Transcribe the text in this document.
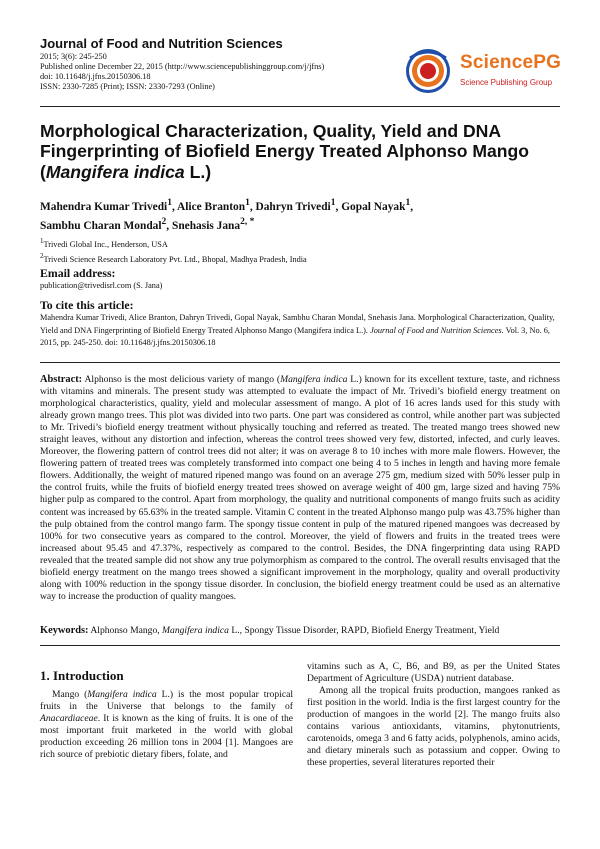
Journal of Food and Nutrition Sciences
2015; 3(6): 245-250
Published online December 22, 2015 (http://www.sciencepublishinggroup.com/j/jfns)
doi: 10.11648/j.jfns.20150306.18
ISSN: 2330-7285 (Print); ISSN: 2330-7293 (Online)
SciencePG
Science Publishing Group
Morphological Characterization, Quality, Yield and DNA Fingerprinting of Biofield Energy Treated Alphonso Mango (Mangifera indica L.)
Mahendra Kumar Trivedi$^1$, Alice Branton$^1$, Dahryn Trivedi$^1$, Gopal Nayak$^1$,
Sambhu Charan Mondal$^2$, Snehasis Jana$^{2, *}$
$^1$Trivedi Global Inc., Henderson, USA
$^2$Trivedi Science Research Laboratory Pvt. Ltd., Bhopal, Madhya Pradesh, India
Email address:
publication@trivedisrl.com (S. Jana)
To cite this article:
Mahendra Kumar Trivedi, Alice Branton, Dahryn Trivedi, Gopal Nayak, Sambhu Charan Mondal, Snehasis Jana. Morphological Characterization, Quality, Yield and DNA Fingerprinting of Biofield Energy Treated Alphonso Mango (Mangifera indica L.). Journal of Food and Nutrition Sciences. Vol. 3, No. 6, 2015, pp. 245-250. doi: 10.11648/j.jfns.20150306.18
Abstract: Alphonso is the most delicious variety of mango (Mangifera indica L.) known for its excellent texture, taste, and richness with vitamins and minerals. The present study was attempted to evaluate the impact of Mr. Trivedi’s biofield energy treatment on morphological characteristics, quality, yield and molecular assessment of mango. A plot of 16 acres lands used for this study with already grown mango trees. This plot was divided into two parts. One part was considered as control, while another part was subjected to Mr. Trivedi’s biofield energy treatment without physically touching and referred as treated. The treated mango trees showed new straight leaves, without any distortion and infection, whereas the control trees showed very few, distorted, infected, and curly leaves. Moreover, the flowering pattern of control trees did not alter; it was on average 8 to 10 inches with more male flowers. However, the flowering pattern of treated trees was completely transformed into compact one being 4 to 5 inches in length and having more female flowers. Additionally, the weight of matured ripened mango was found on an average 275 gm, medium sized with 50% lesser pulp in the control fruits, while the fruits of biofield energy treated trees showed on average weight of 400 gm, large sized and having 75% higher pulp as compared to the control. Apart from morphology, the quality and nutritional components of mango fruits such as acidity content was increased by 65.63% in the treated sample. Vitamin C content in the treated Alphonso mango pulp was 43.75% higher than the pulp obtained from the control mango farm. The spongy tissue content in pulp of the matured ripened mangoes was decreased by 100% for two consecutive years as compared to the control. Moreover, the yield of flowers and fruits in the treated trees were increased about 95.45 and 47.37%, respectively as compared to the control. Besides, the DNA fingerprinting data using RAPD revealed that the treated sample did not show any true polymorphism as compared to the control. The overall results envisaged that the biofield energy treatment on the mango trees showed a significant improvement in the morphology, quality and overall productivity along with 100% reduction in the spongy tissue disorder. In conclusion, the biofield energy treatment could be used as an alternative way to increase the production of quality mangoes.
Keywords: Alphonso Mango, Mangifera indica L., Spongy Tissue Disorder, RAPD, Biofield Energy Treatment, Yield
1. Introduction
Mango (Mangifera indica L.) is the most popular tropical fruits in the Universe that belongs to the family of Anacardiaceae. It is known as the king of fruits. It is one of the most important fruit marketed in the world with global production exceeding 26 million tons in 2004 [1]. Mangoes are rich source of prebiotic dietary fibers, folate, and
vitamins such as A, C, B6, and B9, as per the United States Department of Agriculture (USDA) nutrient database.
Among all the tropical fruits production, mangoes ranked as first position in the world. India is the first largest country for the production of mangoes in the world [2]. The mango fruits also contains various antioxidants, vitamins, phytonutrients, carotenoids, omega 3 and 6 fatty acids, polyphenols, amino acids, and dietary minerals such as potassium and copper. Owing to these properties, several literatures reported their
